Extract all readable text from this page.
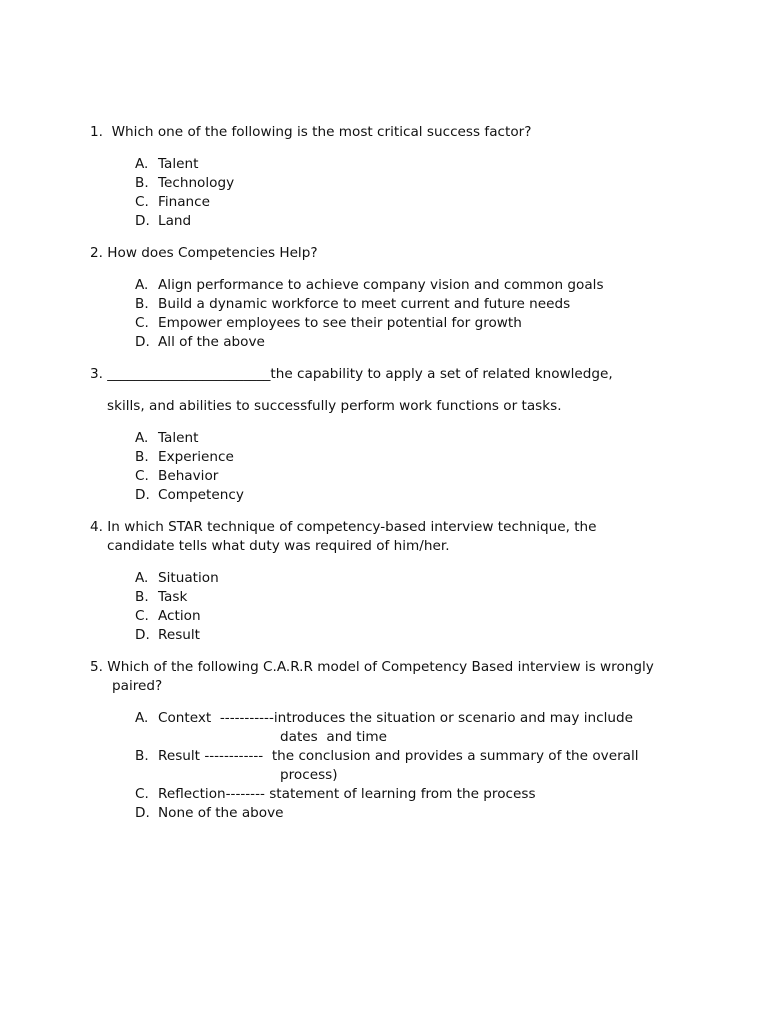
1.  Which one of the following is the most critical success factor?
A. Talent
B. Technology
C. Finance
D. Land
2. How does Competencies Help?
A. Align performance to achieve company vision and common goals
B. Build a dynamic workforce to meet current and future needs
C. Empower employees to see their potential for growth
D. All of the above
3. ________________________the capability to apply a set of related knowledge,
skills, and abilities to successfully perform work functions or tasks.
A. Talent
B. Experience
C. Behavior
D. Competency
4. In which STAR technique of competency-based interview technique, the
candidate tells what duty was required of him/her.
A. Situation
B. Task
C. Action
D. Result
5. Which of the following C.A.R.R model of Competency Based interview is wrongly
paired?
A. Context  -----------introduces the situation or scenario and may include
dates  and time
B. Result ------------  the conclusion and provides a summary of the overall
process)
C. Reflection-------- statement of learning from the process
D. None of the above
